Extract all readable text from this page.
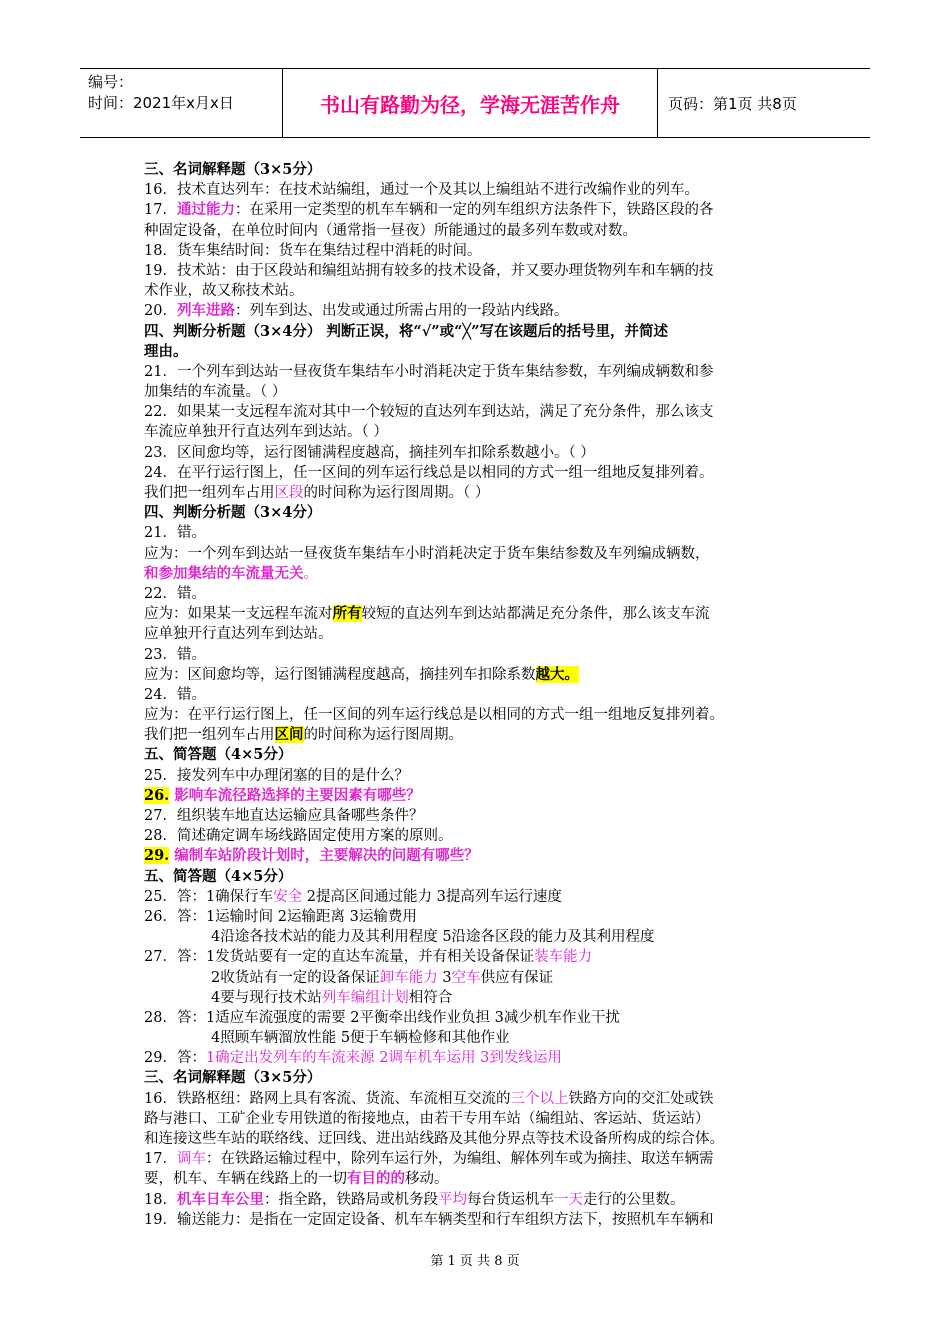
编号：
时间：2021年x月x日	书山有路勤为径，学海无涯苦作舟	页码：第1页 共8页
三、名词解释题（3×5分）
16．技术直达列车：在技术站编组，通过一个及其以上编组站不进行改编作业的列车。
17．通过能力：在采用一定类型的机车车辆和一定的列车组织方法条件下，铁路区段的各
种固定设备，在单位时间内（通常指一昼夜）所能通过的最多列车数或对数。
18．货车集结时间：货车在集结过程中消耗的时间。
19．技术站：由于区段站和编组站拥有较多的技术设备，并又要办理货物列车和车辆的技
术作业，故又称技术站。
20．列车进路：列车到达、出发或通过所需占用的一段站内线路。
四、判断分析题（3×4分） 判断正误，将“√”或“╳”写在该题后的括号里，并简述
理由。
21．一个列车到达站一昼夜货车集结车小时消耗决定于货车集结参数，车列编成辆数和参
加集结的车流量。（ ）
22．如果某一支远程车流对其中一个较短的直达列车到达站，满足了充分条件，那么该支
车流应单独开行直达列车到达站。（ ）
23．区间愈均等，运行图铺满程度越高，摘挂列车扣除系数越小。（ ）
24．在平行运行图上，任一区间的列车运行线总是以相同的方式一组一组地反复排列着。
我们把一组列车占用区段的时间称为运行图周期。（ ）
四、判断分析题（3×4分）
21．错。
应为：一个列车到达站一昼夜货车集结车小时消耗决定于货车集结参数及车列编成辆数，
和参加集结的车流量无关。
22．错。
应为：如果某一支远程车流对所有较短的直达列车到达站都满足充分条件，那么该支车流
应单独开行直达列车到达站。
23．错。
应为：区间愈均等，运行图铺满程度越高，摘挂列车扣除系数越大。
24．错。
应为：在平行运行图上，任一区间的列车运行线总是以相同的方式一组一组地反复排列着。
我们把一组列车占用区间的时间称为运行图周期。
五、简答题（4×5分）
25．接发列车中办理闭塞的目的是什么？
26. 影响车流径路选择的主要因素有哪些？
27．组织装车地直达运输应具备哪些条件？
28．简述确定调车场线路固定使用方案的原则。
29. 编制车站阶段计划时，主要解决的问题有哪些？
五、简答题（4×5分）
25．答：1确保行车安全 2提高区间通过能力 3提高列车运行速度
26．答：1运输时间 2运输距离 3运输费用
4沿途各技术站的能力及其利用程度 5沿途各区段的能力及其利用程度
27．答：1发货站要有一定的直达车流量，并有相关设备保证装车能力
2收货站有一定的设备保证卸车能力 3空车供应有保证
4要与现行技术站列车编组计划相符合
28．答：1适应车流强度的需要 2平衡牵出线作业负担 3减少机车作业干扰
4照顾车辆溜放性能 5便于车辆检修和其他作业
29．答：1确定出发列车的车流来源 2调车机车运用 3到发线运用
三、名词解释题（3×5分）
16．铁路枢纽：路网上具有客流、货流、车流相互交流的三个以上铁路方向的交汇处或铁
路与港口、工矿企业专用铁道的衔接地点，由若干专用车站（编组站、客运站、货运站）
和连接这些车站的联络线、迂回线、进出站线路及其他分界点等技术设备所构成的综合体。
17．调车：在铁路运输过程中，除列车运行外，为编组、解体列车或为摘挂、取送车辆需
要，机车、车辆在线路上的一切有目的的移动。
18．机车日车公里：指全路，铁路局或机务段平均每台货运机车一天走行的公里数。
19．输送能力：是指在一定固定设备、机车车辆类型和行车组织方法下，按照机车车辆和
第 1 页 共 8 页
